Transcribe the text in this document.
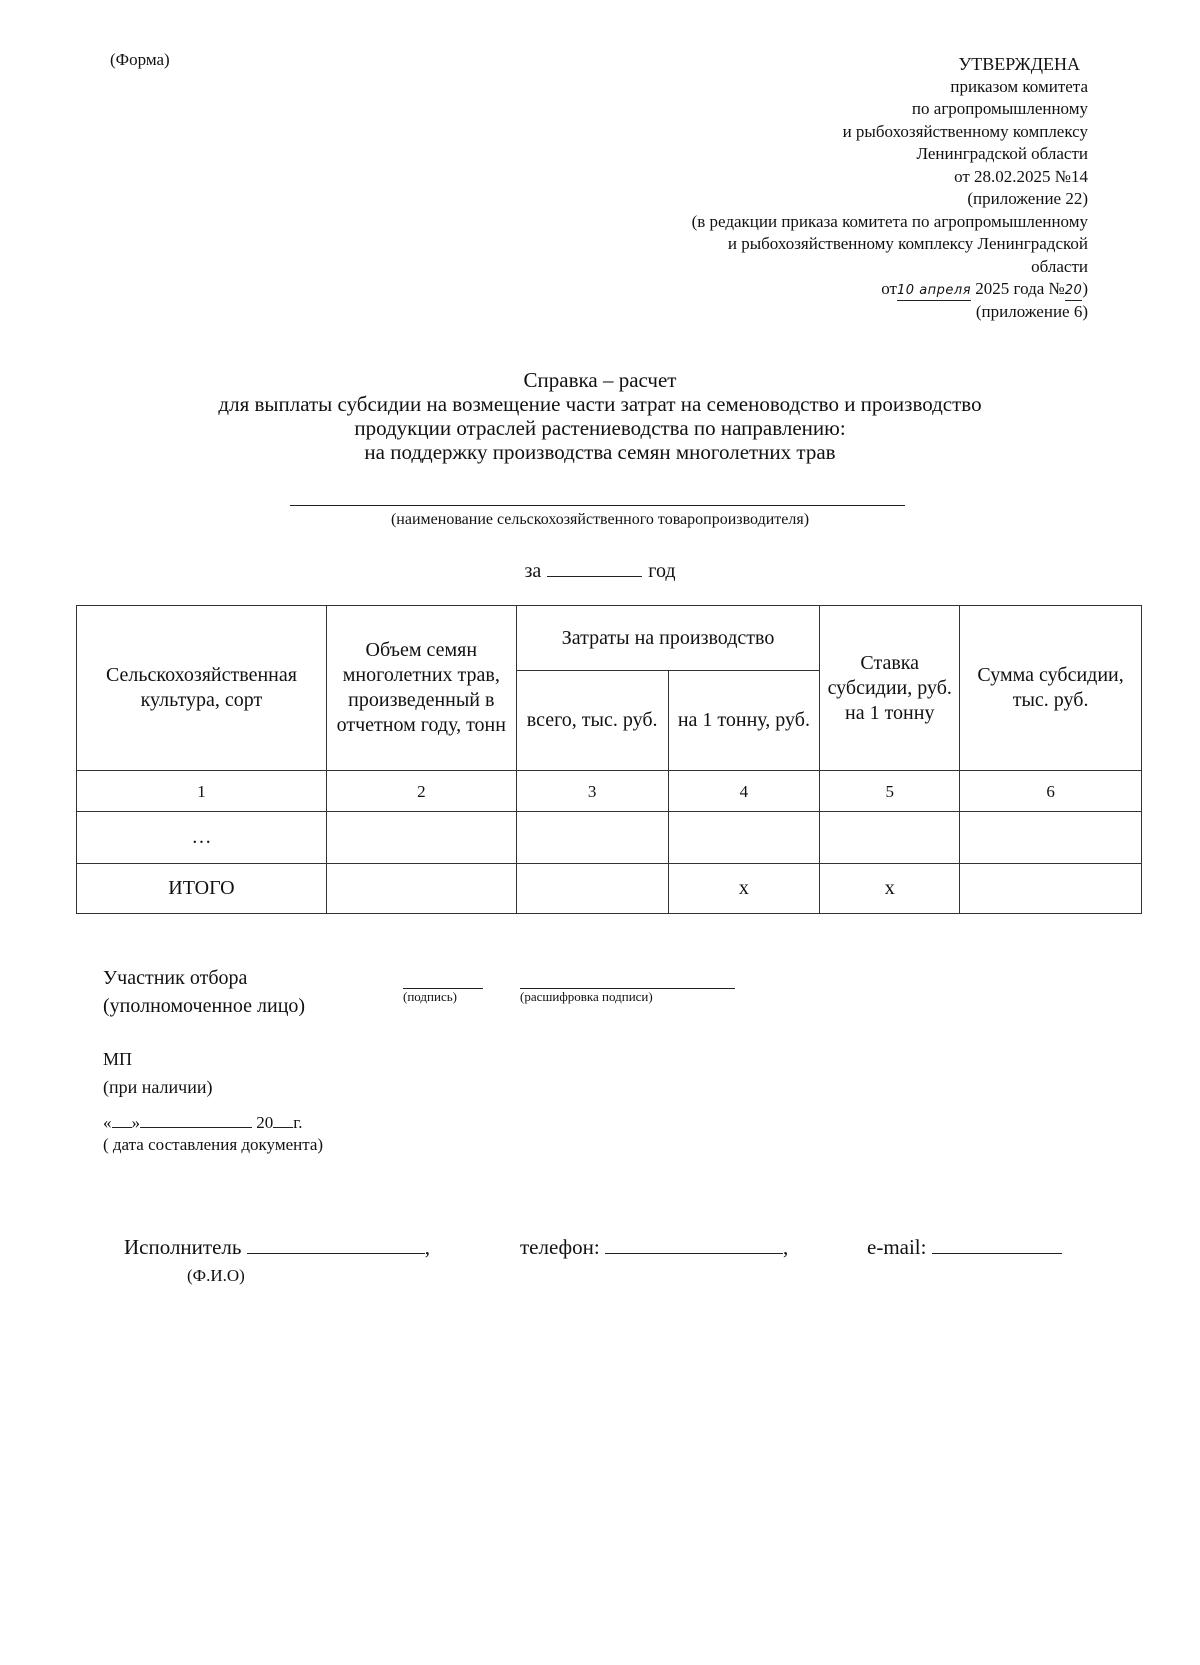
(Форма)	УТВЕРЖДЕНА
приказом комитета
по агропромышленному
и рыбохозяйственному комплексу
Ленинградской области
от 28.02.2025 №14
(приложение 22)
(в редакции приказа комитета по агропромышленному
и рыбохозяйственному комплексу Ленинградской
области
от10 апреля 2025 года №20)
(приложение 6)
Справка – расчет
для выплаты субсидии на возмещение части затрат на семеноводство и производство
продукции отраслей растениеводства по направлению:
на поддержку производства семян многолетних трав
(наименование сельскохозяйственного товаропроизводителя)
за	год
Сельскохозяйственная культура, сорт	Объем семян многолетних трав, произведенный в отчетном году, тонн	Затраты на производство		Ставка субсидии, руб. на 1 тонну	Сумма субсидии, тыс. руб.
		всего, тыс. руб.	на 1 тонну, руб.		
1	2	3	4	5	6
…					
ИТОГО			х	х	
Участник отбора
(уполномоченное лицо)	(подпись)	(расшифровка подписи)
МП
(при наличии)
« »	20 г.
( дата составления документа)
Исполнитель	,
(Ф.И.О)
телефон:	,	e-mail:
